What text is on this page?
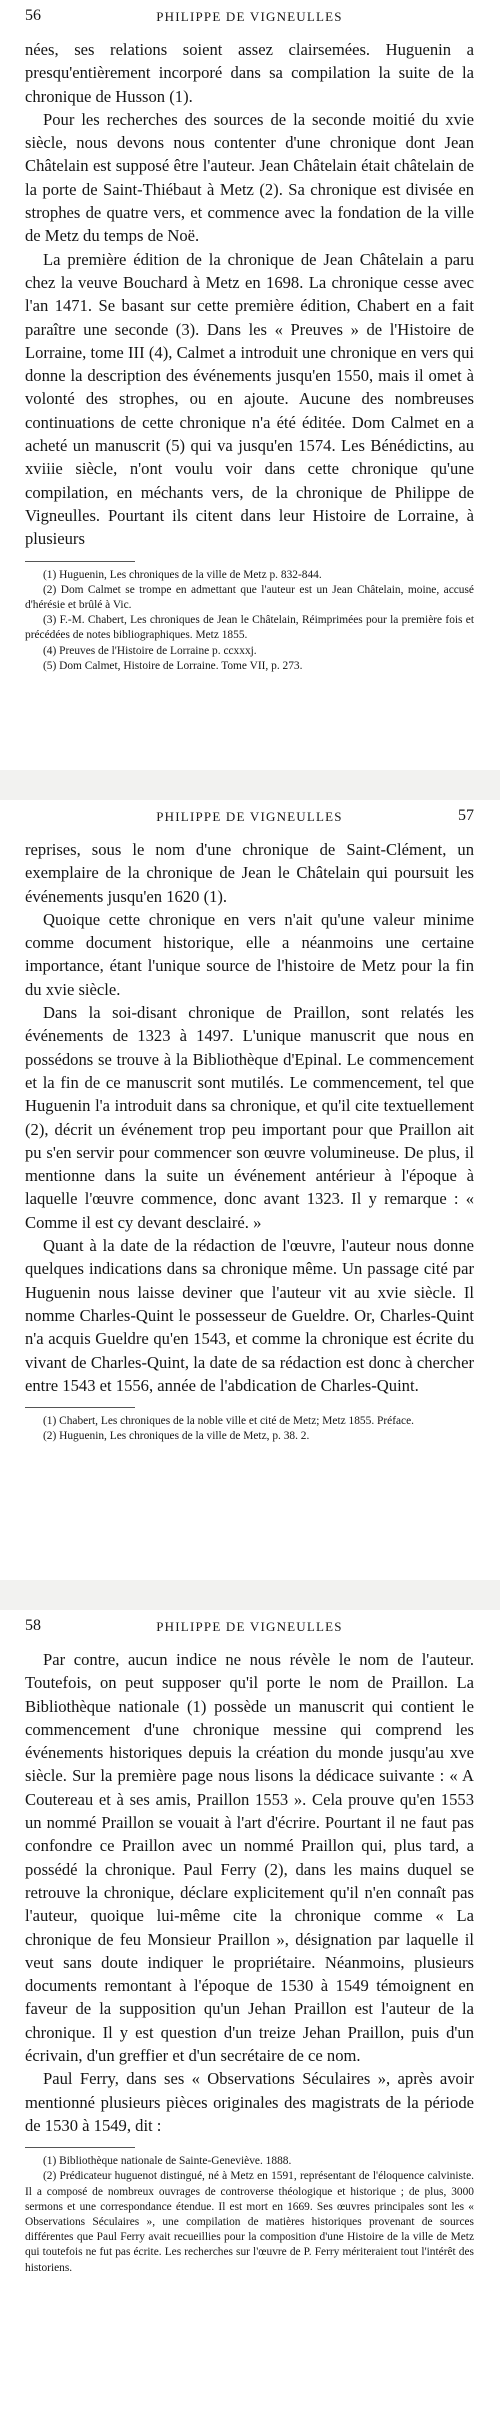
56	PHILIPPE DE VIGNEULLES

nées, ses relations soient assez clairsemées. Huguenin a presqu'entièrement incorporé dans sa compilation la suite de la chronique de Husson (1).

Pour les recherches des sources de la seconde moitié du xvie siècle, nous devons nous contenter d'une chronique dont Jean Châtelain est supposé être l'auteur. Jean Châtelain était châtelain de la porte de Saint-Thiébaut à Metz (2). Sa chronique est divisée en strophes de quatre vers, et commence avec la fondation de la ville de Metz du temps de Noë.

La première édition de la chronique de Jean Châtelain a paru chez la veuve Bouchard à Metz en 1698. La chronique cesse avec l'an 1471. Se basant sur cette première édition, Chabert en a fait paraître une seconde (3). Dans les « Preuves » de l'Histoire de Lorraine, tome III (4), Calmet a introduit une chronique en vers qui donne la description des événements jusqu'en 1550, mais il omet à volonté des strophes, ou en ajoute. Aucune des nombreuses continuations de cette chronique n'a été éditée. Dom Calmet en a acheté un manuscrit (5) qui va jusqu'en 1574. Les Bénédictins, au xviiie siècle, n'ont voulu voir dans cette chronique qu'une compilation, en méchants vers, de la chronique de Philippe de Vigneulles. Pourtant ils citent dans leur Histoire de Lorraine, à plusieurs

(1) Huguenin, Les chroniques de la ville de Metz p. 832-844.

(2) Dom Calmet se trompe en admettant que l'auteur est un Jean Châtelain, moine, accusé d'hérésie et brûlé à Vic.

(3) F.-M. Chabert, Les chroniques de Jean le Châtelain, Réimprimées pour la première fois et précédées de notes bibliographiques. Metz 1855.

(4) Preuves de l'Histoire de Lorraine p. ccxxxj.

(5) Dom Calmet, Histoire de Lorraine. Tome VII, p. 273.

PHILIPPE DE VIGNEULLES	57

reprises, sous le nom d'une chronique de Saint-Clément, un exemplaire de la chronique de Jean le Châtelain qui poursuit les événements jusqu'en 1620 (1).

Quoique cette chronique en vers n'ait qu'une valeur minime comme document historique, elle a néanmoins une certaine importance, étant l'unique source de l'histoire de Metz pour la fin du xvie siècle.

Dans la soi-disant chronique de Praillon, sont relatés les événements de 1323 à 1497. L'unique manuscrit que nous en possédons se trouve à la Bibliothèque d'Epinal. Le commencement et la fin de ce manuscrit sont mutilés. Le commencement, tel que Huguenin l'a introduit dans sa chronique, et qu'il cite textuellement (2), décrit un événement trop peu important pour que Praillon ait pu s'en servir pour commencer son œuvre volumineuse. De plus, il mentionne dans la suite un événement antérieur à l'époque à laquelle l'œuvre commence, donc avant 1323. Il y remarque : « Comme il est cy devant desclairé. »

Quant à la date de la rédaction de l'œuvre, l'auteur nous donne quelques indications dans sa chronique même. Un passage cité par Huguenin nous laisse deviner que l'auteur vit au xvie siècle. Il nomme Charles-Quint le possesseur de Gueldre. Or, Charles-Quint n'a acquis Gueldre qu'en 1543, et comme la chronique est écrite du vivant de Charles-Quint, la date de sa rédaction est donc à chercher entre 1543 et 1556, année de l'abdication de Charles-Quint.

(1) Chabert, Les chroniques de la noble ville et cité de Metz; Metz 1855. Préface.

(2) Huguenin, Les chroniques de la ville de Metz, p. 38. 2.

58	PHILIPPE DE VIGNEULLES

Par contre, aucun indice ne nous révèle le nom de l'auteur. Toutefois, on peut supposer qu'il porte le nom de Praillon. La Bibliothèque nationale (1) possède un manuscrit qui contient le commencement d'une chronique messine qui comprend les événements historiques depuis la création du monde jusqu'au xve siècle. Sur la première page nous lisons la dédicace suivante : « A Coutereau et à ses amis, Praillon 1553 ». Cela prouve qu'en 1553 un nommé Praillon se vouait à l'art d'écrire. Pourtant il ne faut pas confondre ce Praillon avec un nommé Praillon qui, plus tard, a possédé la chronique. Paul Ferry (2), dans les mains duquel se retrouve la chronique, déclare explicitement qu'il n'en connaît pas l'auteur, quoique lui-même cite la chronique comme « La chronique de feu Monsieur Praillon », désignation par laquelle il veut sans doute indiquer le propriétaire. Néanmoins, plusieurs documents remontant à l'époque de 1530 à 1549 témoignent en faveur de la supposition qu'un Jehan Praillon est l'auteur de la chronique. Il y est question d'un treize Jehan Praillon, puis d'un écrivain, d'un greffier et d'un secrétaire de ce nom.

Paul Ferry, dans ses « Observations Séculaires », après avoir mentionné plusieurs pièces originales des magistrats de la période de 1530 à 1549, dit :

(1) Bibliothèque nationale de Sainte-Geneviève. 1888.

(2) Prédicateur huguenot distingué, né à Metz en 1591, représentant de l'éloquence calviniste. Il a composé de nombreux ouvrages de controverse théologique et historique ; de plus, 3000 sermons et une correspondance étendue. Il est mort en 1669. Ses œuvres principales sont les « Observations Séculaires », une compilation de matières historiques provenant de sources différentes que Paul Ferry avait recueillies pour la composition d'une Histoire de la ville de Metz qui toutefois ne fut pas écrite. Les recherches sur l'œuvre de P. Ferry mériteraient tout l'intérêt des historiens.
